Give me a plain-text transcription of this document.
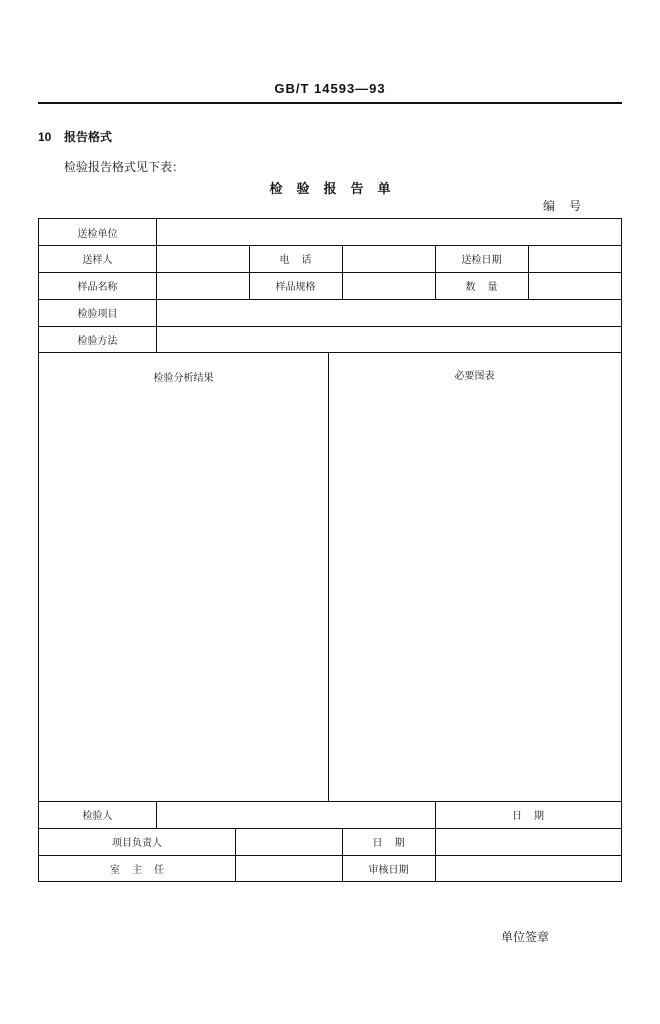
GB/T 14593—93
10 报告格式
检验报告格式见下表：
检验报告单
编号
送检单位
送样人	电话	送检日期
样品名称	样品规格	数量
检验项目
检验方法
检验分析结果	必要图表
检验人	日期
项目负责人	日期
室主任	审核日期
单位签章
